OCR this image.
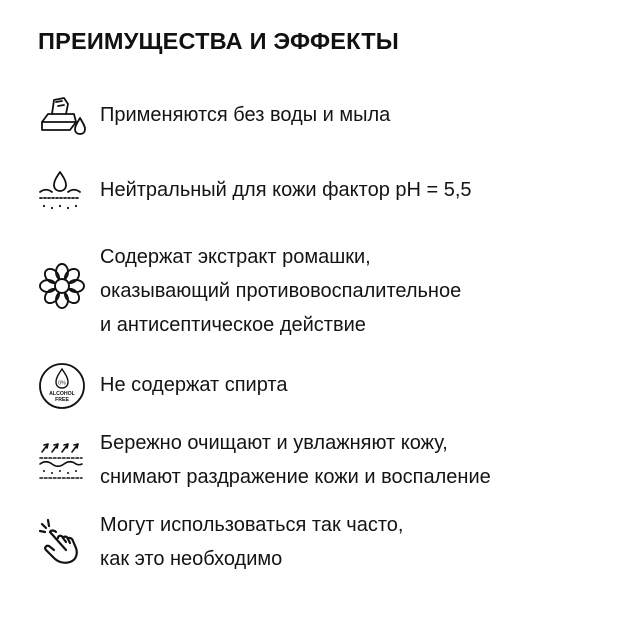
ПРЕИМУЩЕСТВА И ЭФФЕКТЫ
Применяются без воды и мыла
Нейтральный для кожи фактор pH = 5,5
Содержат экстракт ромашки,
оказывающий противовоспалительное
и антисептическое действие
0%
ALCOHOL
FREE
Не содержат спирта
Бережно очищают и увлажняют кожу,
снимают раздражение кожи и воспаление
Могут использоваться так часто,
как это необходимо
